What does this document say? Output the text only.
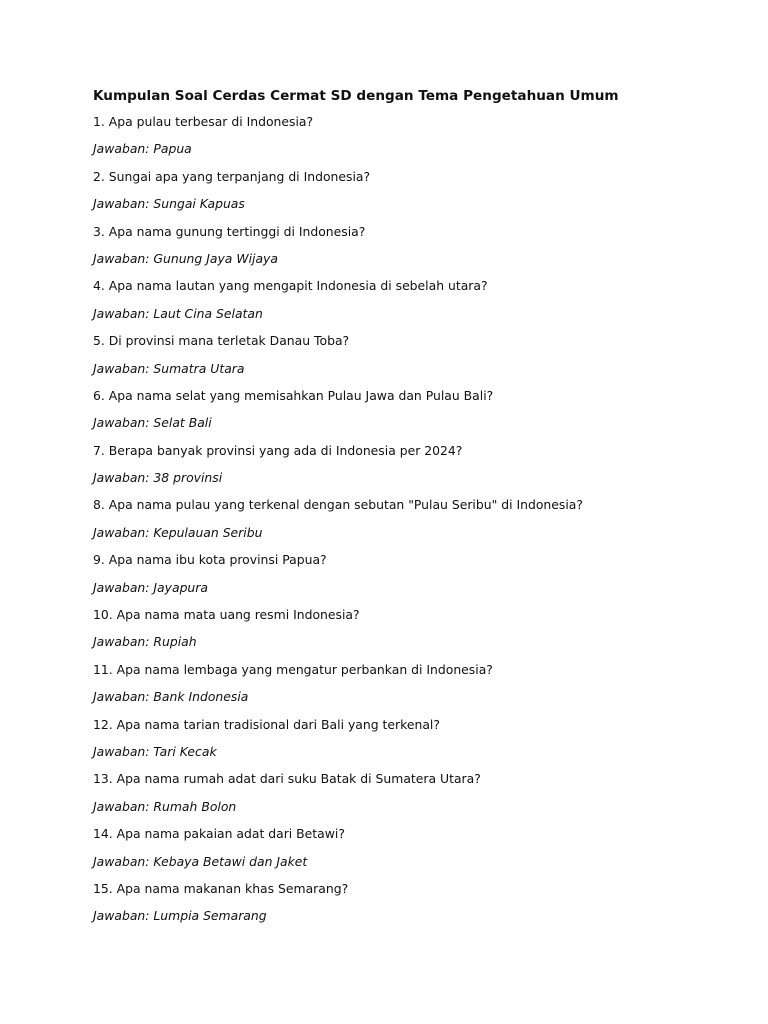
Kumpulan Soal Cerdas Cermat SD dengan Tema Pengetahuan Umum
1. Apa pulau terbesar di Indonesia?
Jawaban: Papua
2. Sungai apa yang terpanjang di Indonesia?
Jawaban: Sungai Kapuas
3. Apa nama gunung tertinggi di Indonesia?
Jawaban: Gunung Jaya Wijaya
4. Apa nama lautan yang mengapit Indonesia di sebelah utara?
Jawaban: Laut Cina Selatan
5. Di provinsi mana terletak Danau Toba?
Jawaban: Sumatra Utara
6. Apa nama selat yang memisahkan Pulau Jawa dan Pulau Bali?
Jawaban: Selat Bali
7. Berapa banyak provinsi yang ada di Indonesia per 2024?
Jawaban: 38 provinsi
8. Apa nama pulau yang terkenal dengan sebutan "Pulau Seribu" di Indonesia?
Jawaban: Kepulauan Seribu
9. Apa nama ibu kota provinsi Papua?
Jawaban: Jayapura
10. Apa nama mata uang resmi Indonesia?
Jawaban: Rupiah
11. Apa nama lembaga yang mengatur perbankan di Indonesia?
Jawaban: Bank Indonesia
12. Apa nama tarian tradisional dari Bali yang terkenal?
Jawaban: Tari Kecak
13. Apa nama rumah adat dari suku Batak di Sumatera Utara?
Jawaban: Rumah Bolon
14. Apa nama pakaian adat dari Betawi?
Jawaban: Kebaya Betawi dan Jaket
15. Apa nama makanan khas Semarang?
Jawaban: Lumpia Semarang
